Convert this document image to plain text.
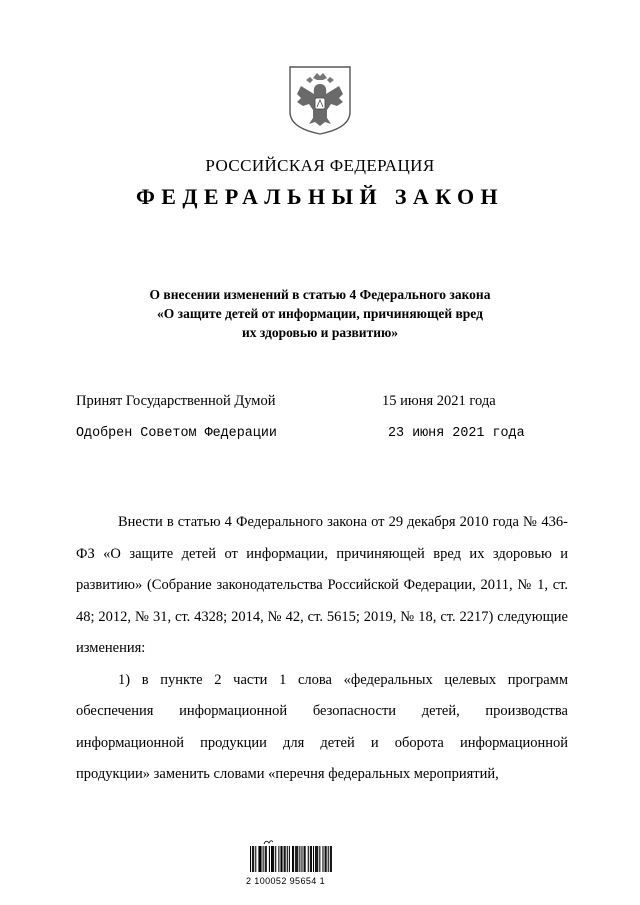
РОССИЙСКАЯ ФЕДЕРАЦИЯ
ФЕДЕРАЛЬНЫЙ ЗАКОН
О внесении изменений в статью 4 Федерального закона
«О защите детей от информации, причиняющей вред
их здоровью и развитию»
Принят Государственной Думой	15 июня 2021 года
Одобрен Советом Федерации	23 июня 2021 года

Внести в статью 4 Федерального закона от 29 декабря 2010 года № 436-ФЗ «О защите детей от информации, причиняющей вред их здоровью и развитию» (Собрание законодательства Российской Федерации, 2011, № 1, ст. 48; 2012, № 31, ст. 4328; 2014, № 42, ст. 5615; 2019, № 18, ст. 2217) следующие изменения:

1) в пункте 2 части 1 слова «федеральных целевых программ обеспечения информационной безопасности детей, производства информационной продукции для детей и оборота информационной продукции» заменить словами «перечня федеральных мероприятий,

2 100052 95654 1
